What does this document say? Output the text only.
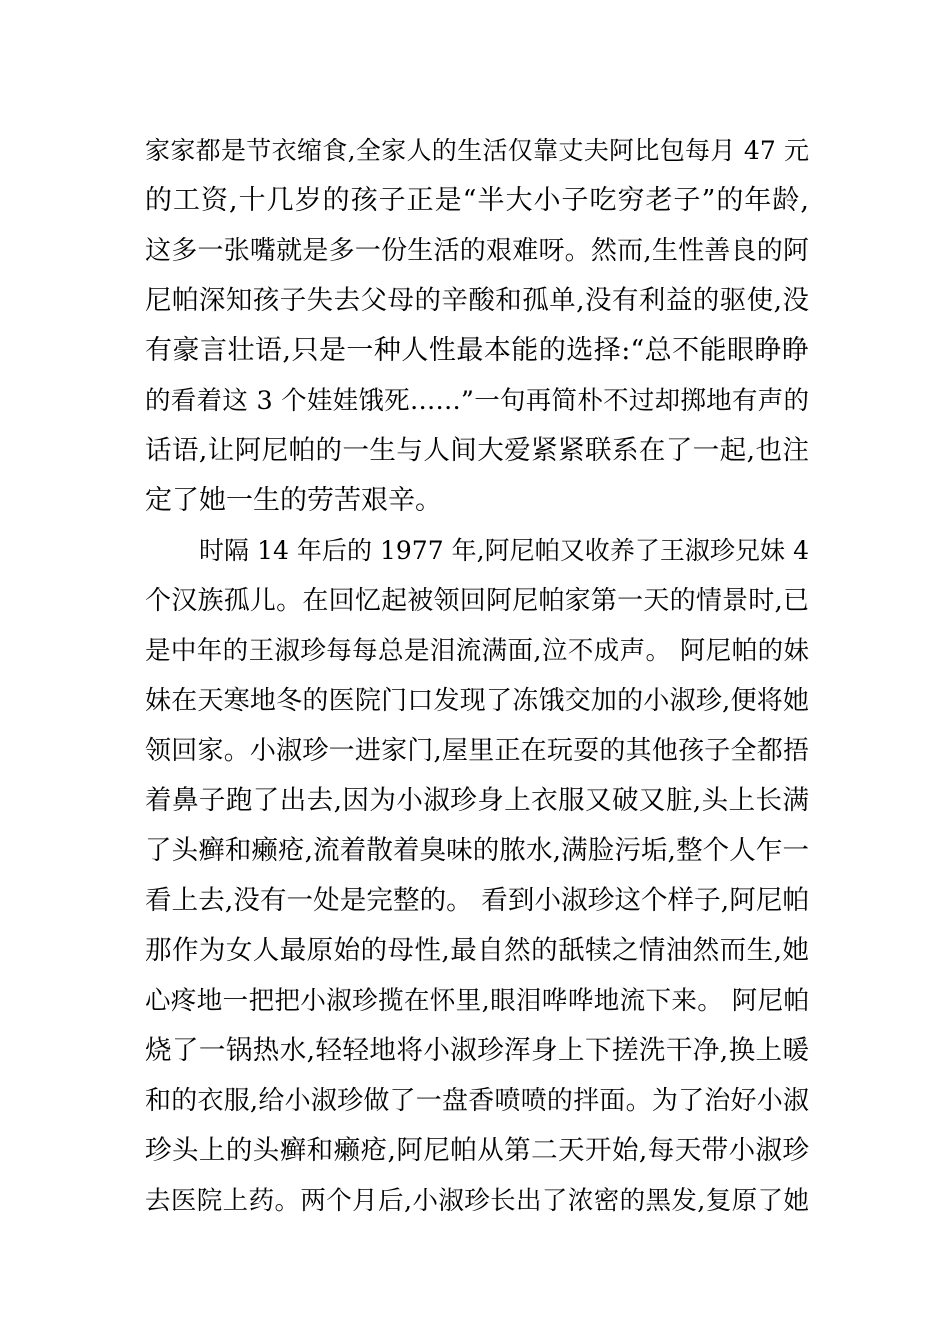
家家都是节衣缩食,全家人的生活仅靠丈夫阿比包每月 47 元
的工资,十几岁的孩子正是“半大小子吃穷老子”的年龄,
这多一张嘴就是多一份生活的艰难呀。然而,生性善良的阿
尼帕深知孩子失去父母的辛酸和孤单,没有利益的驱使,没
有豪言壮语,只是一种人性最本能的选择:“总不能眼睁睁
的看着这 3 个娃娃饿死……”一句再简朴不过却掷地有声的
话语,让阿尼帕的一生与人间大爱紧紧联系在了一起,也注
定了她一生的劳苦艰辛。
时隔 14 年后的 1977 年,阿尼帕又收养了王淑珍兄妹 4
个汉族孤儿。在回忆起被领回阿尼帕家第一天的情景时,已
是中年的王淑珍每每总是泪流满面,泣不成声。 阿尼帕的妹
妹在天寒地冬的医院门口发现了冻饿交加的小淑珍,便将她
领回家。小淑珍一进家门,屋里正在玩耍的其他孩子全都捂
着鼻子跑了出去,因为小淑珍身上衣服又破又脏,头上长满
了头癣和癞疮,流着散着臭味的脓水,满脸污垢,整个人乍一
看上去,没有一处是完整的。 看到小淑珍这个样子,阿尼帕
那作为女人最原始的母性,最自然的舐犊之情油然而生,她
心疼地一把把小淑珍揽在怀里,眼泪哗哗地流下来。 阿尼帕
烧了一锅热水,轻轻地将小淑珍浑身上下搓洗干净,换上暖
和的衣服,给小淑珍做了一盘香喷喷的拌面。为了治好小淑
珍头上的头癣和癞疮,阿尼帕从第二天开始,每天带小淑珍
去医院上药。两个月后,小淑珍长出了浓密的黑发,复原了她
